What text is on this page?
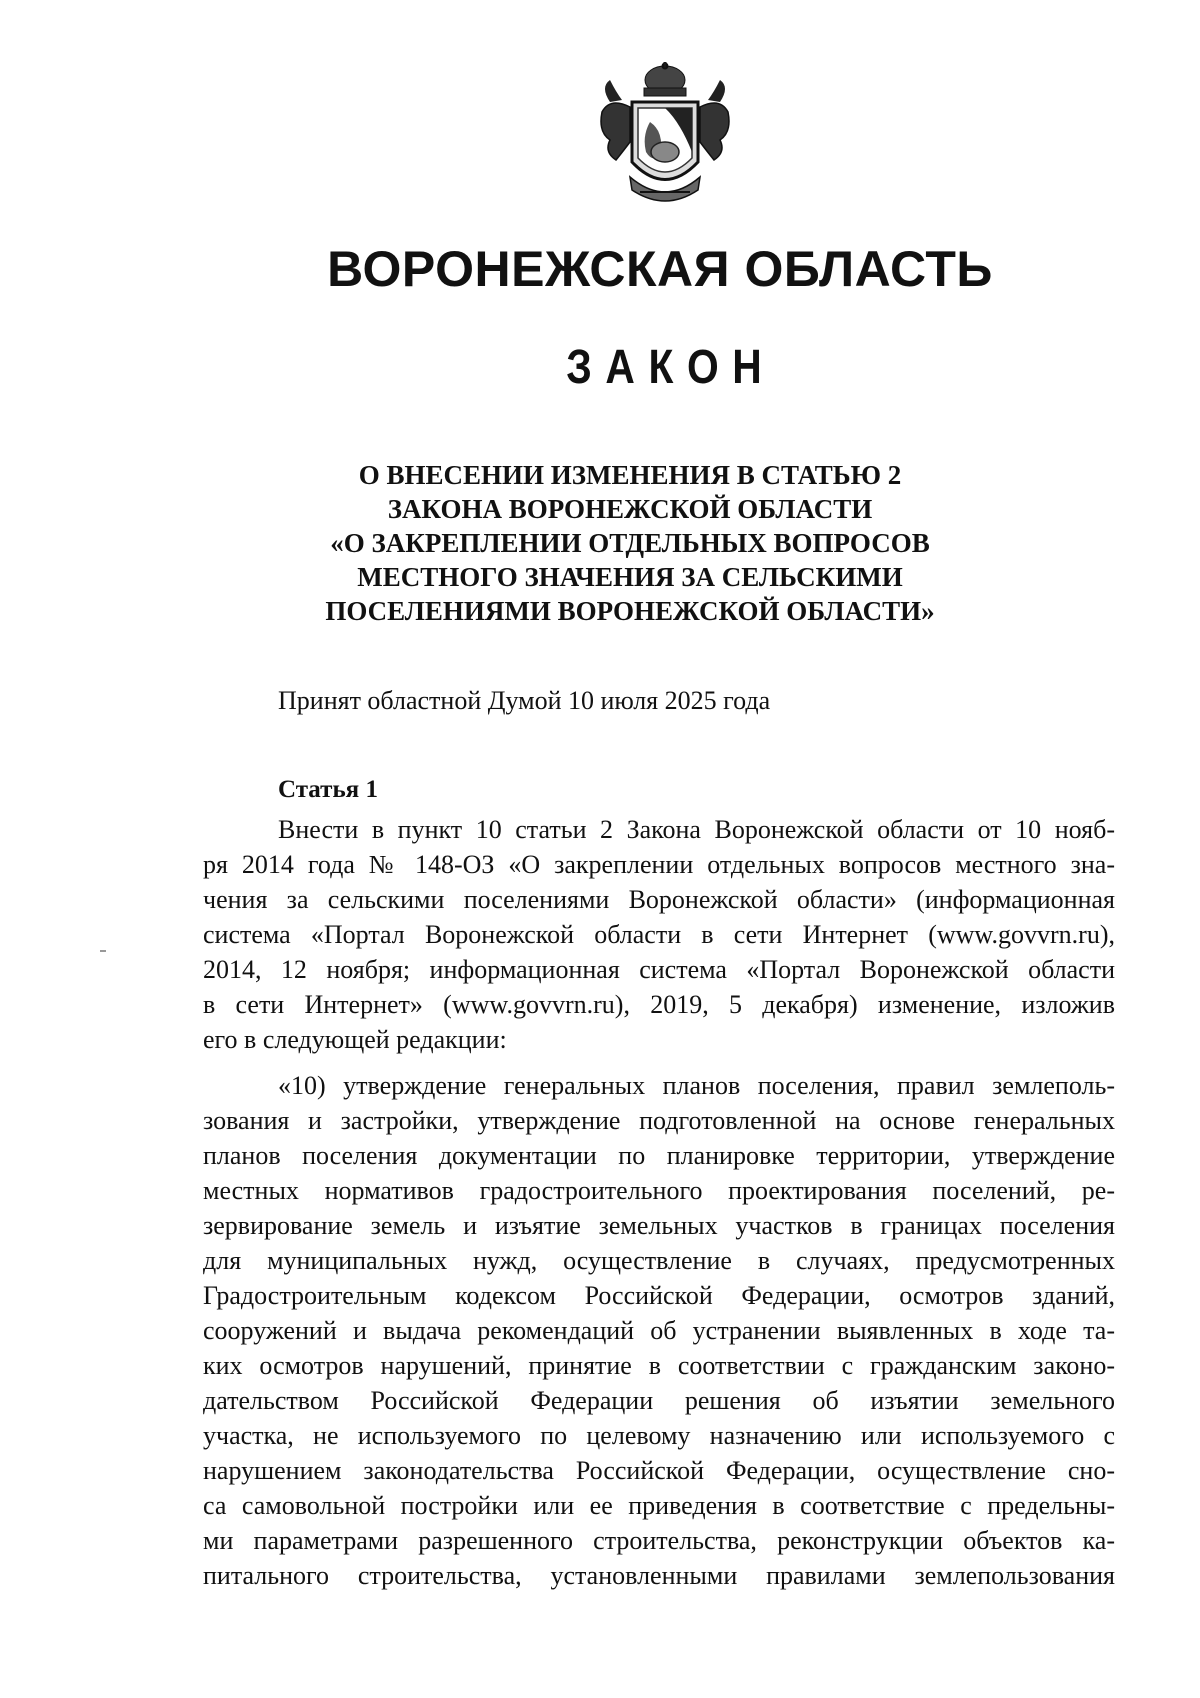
ВОРОНЕЖСКАЯ ОБЛАСТЬ
ЗАКОН
О ВНЕСЕНИИ ИЗМЕНЕНИЯ В СТАТЬЮ 2
ЗАКОНА ВОРОНЕЖСКОЙ ОБЛАСТИ
«О ЗАКРЕПЛЕНИИ ОТДЕЛЬНЫХ ВОПРОСОВ
МЕСТНОГО ЗНАЧЕНИЯ ЗА СЕЛЬСКИМИ
ПОСЕЛЕНИЯМИ ВОРОНЕЖСКОЙ ОБЛАСТИ»
Принят областной Думой 10 июля 2025 года
Статья 1
Внести в пункт 10 статьи 2 Закона Воронежской области от 10 нояб-
ря 2014 года № 148-ОЗ «О закреплении отдельных вопросов местного зна-
чения за сельскими поселениями Воронежской области» (информационная
система «Портал Воронежской области в сети Интернет (www.govvrn.ru),
2014, 12 ноября; информационная система «Портал Воронежской области
в сети Интернет» (www.govvrn.ru), 2019, 5 декабря) изменение, изложив
его в следующей редакции:
«10) утверждение генеральных планов поселения, правил землеполь-
зования и застройки, утверждение подготовленной на основе генеральных
планов поселения документации по планировке территории, утверждение
местных нормативов градостроительного проектирования поселений, ре-
зервирование земель и изъятие земельных участков в границах поселения
для муниципальных нужд, осуществление в случаях, предусмотренных
Градостроительным кодексом Российской Федерации, осмотров зданий,
сооружений и выдача рекомендаций об устранении выявленных в ходе та-
ких осмотров нарушений, принятие в соответствии с гражданским законо-
дательством Российской Федерации решения об изъятии земельного
участка, не используемого по целевому назначению или используемого с
нарушением законодательства Российской Федерации, осуществление сно-
са самовольной постройки или ее приведения в соответствие с предельны-
ми параметрами разрешенного строительства, реконструкции объектов ка-
питального строительства, установленными правилами землепользования
